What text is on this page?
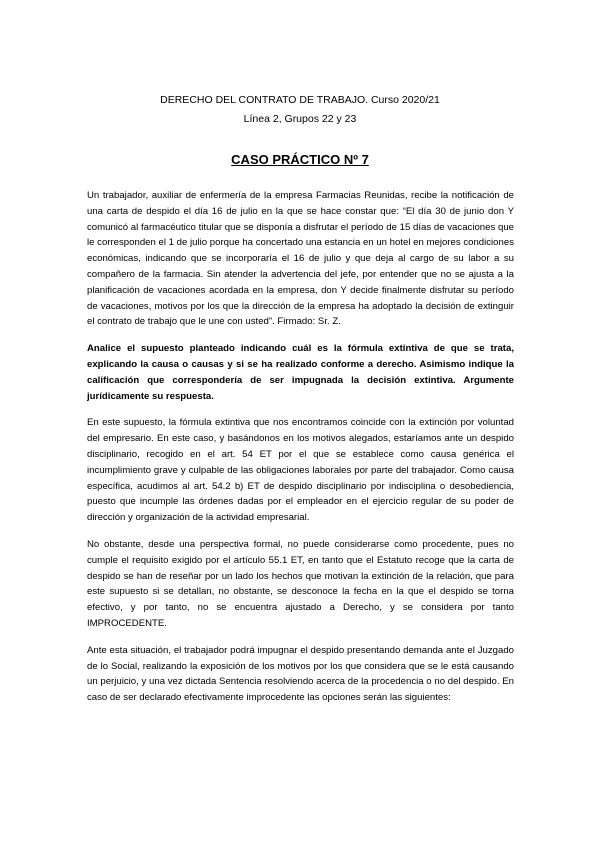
DERECHO DEL CONTRATO DE TRABAJO. Curso 2020/21
Línea 2, Grupos 22 y 23
CASO PRÁCTICO Nº 7

Un trabajador, auxiliar de enfermería de la empresa Farmacias Reunidas, recibe la notificación de una carta de despido el día 16 de julio en la que se hace constar que: “El día 30 de junio don Y comunicó al farmacéutico titular que se disponía a disfrutar el período de 15 días de vacaciones que le corresponden el 1 de julio porque ha concertado una estancia en un hotel en mejores condiciones económicas, indicando que se incorporaría el 16 de julio y que deja al cargo de su labor a su compañero de la farmacia. Sin atender la advertencia del jefe, por entender que no se ajusta a la planificación de vacaciones acordada en la empresa, don Y decide finalmente disfrutar su período de vacaciones, motivos por los que la dirección de la empresa ha adoptado la decisión de extinguir el contrato de trabajo que le une con usted”. Firmado: Sr. Z.

Analice el supuesto planteado indicando cuál es la fórmula extintiva de que se trata, explicando la causa o causas y si se ha realizado conforme a derecho. Asimismo indique la calificación que correspondería de ser impugnada la decisión extintiva. Argumente jurídicamente su respuesta.

En este supuesto, la fórmula extintiva que nos encontramos coincide con la extinción por voluntad del empresario. En este caso, y basándonos en los motivos alegados, estaríamos ante un despido disciplinario, recogido en el art. 54 ET por el que se establece como causa genérica el incumplimiento grave y culpable de las obligaciones laborales por parte del trabajador. Como causa específica, acudimos al art. 54.2 b) ET de despido disciplinario por indisciplina o desobediencia, puesto que incumple las órdenes dadas por el empleador en el ejercicio regular de su poder de dirección y organización de la actividad empresarial.

No obstante, desde una perspectiva formal, no puede considerarse como procedente, pues no cumple el requisito exigido por el artículo 55.1 ET, en tanto que el Estatuto recoge que la carta de despido se han de reseñar por un lado los hechos que motivan la extinción de la relación, que para este supuesto si se detallan, no obstante, se desconoce la fecha en la que el despido se torna efectivo, y por tanto, no se encuentra ajustado a Derecho, y se considera por tanto IMPROCEDENTE.

Ante esta situación, el trabajador podrá impugnar el despido presentando demanda ante el Juzgado de lo Social, realizando la exposición de los motivos por los que considera que se le está causando un perjuicio, y una vez dictada Sentencia resolviendo acerca de la procedencia o no del despido. En caso de ser declarado efectivamente improcedente las opciones serán las siguientes:
